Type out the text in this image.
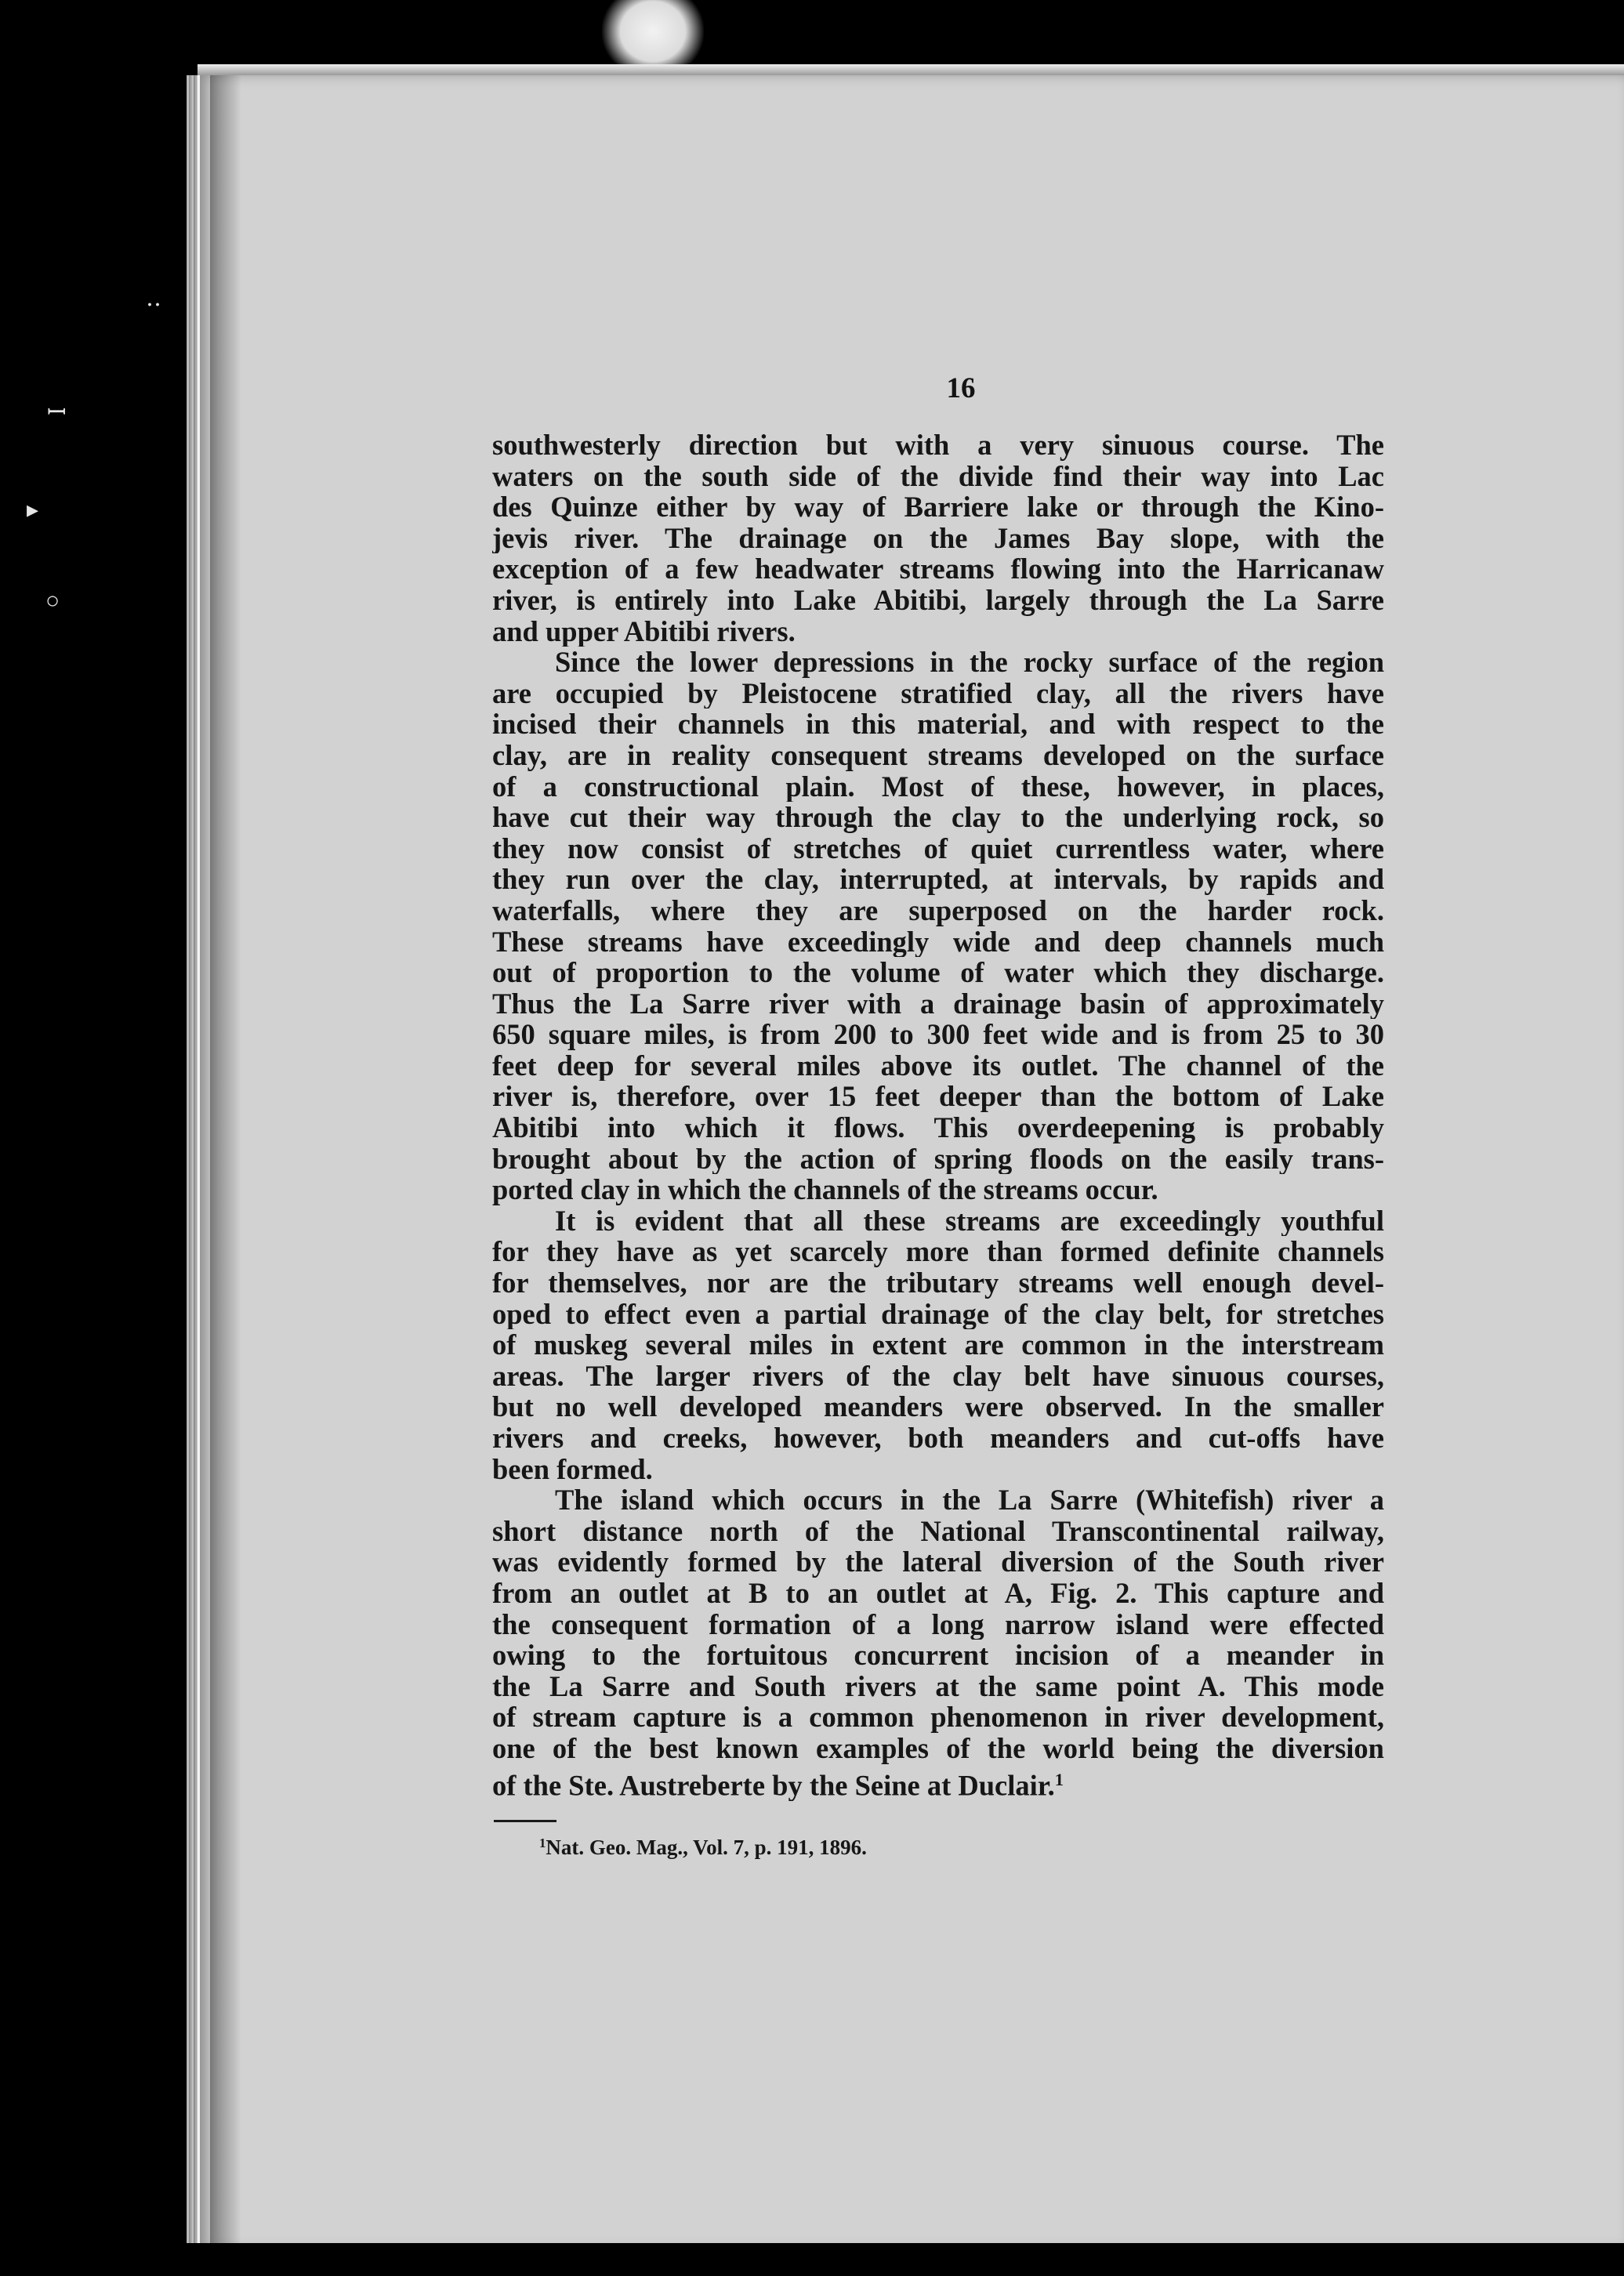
‥
ꟷ
▸
○
16

southwesterly direction but with a very sinuous course. The
waters on the south side of the divide find their way into Lac
des Quinze either by way of Barriere lake or through the Kino-
jevis river. The drainage on the James Bay slope, with the
exception of a few headwater streams flowing into the Harricanaw
river, is entirely into Lake Abitibi, largely through the La Sarre
and upper Abitibi rivers.

Since the lower depressions in the rocky surface of the region
are occupied by Pleistocene stratified clay, all the rivers have
incised their channels in this material, and with respect to the
clay, are in reality consequent streams developed on the surface
of a constructional plain. Most of these, however, in places,
have cut their way through the clay to the underlying rock, so
they now consist of stretches of quiet currentless water, where
they run over the clay, interrupted, at intervals, by rapids and
waterfalls, where they are superposed on the harder rock.
These streams have exceedingly wide and deep channels much
out of proportion to the volume of water which they discharge.
Thus the La Sarre river with a drainage basin of approximately
650 square miles, is from 200 to 300 feet wide and is from 25 to 30
feet deep for several miles above its outlet. The channel of the
river is, therefore, over 15 feet deeper than the bottom of Lake
Abitibi into which it flows. This overdeepening is probably
brought about by the action of spring floods on the easily trans-
ported clay in which the channels of the streams occur.

It is evident that all these streams are exceedingly youthful
for they have as yet scarcely more than formed definite channels
for themselves, nor are the tributary streams well enough devel-
oped to effect even a partial drainage of the clay belt, for stretches
of muskeg several miles in extent are common in the interstream
areas. The larger rivers of the clay belt have sinuous courses,
but no well developed meanders were observed. In the smaller
rivers and creeks, however, both meanders and cut-offs have
been formed.

The island which occurs in the La Sarre (Whitefish) river a
short distance north of the National Transcontinental railway,
was evidently formed by the lateral diversion of the South river
from an outlet at B to an outlet at A, Fig. 2. This capture and
the consequent formation of a long narrow island were effected
owing to the fortuitous concurrent incision of a meander in
the La Sarre and South rivers at the same point A. This mode
of stream capture is a common phenomenon in river development,
one of the best known examples of the world being the diversion
of the Ste. Austreberte by the Seine at Duclair.$^1$

$^1$Nat. Geo. Mag., Vol. 7, p. 191, 1896.
